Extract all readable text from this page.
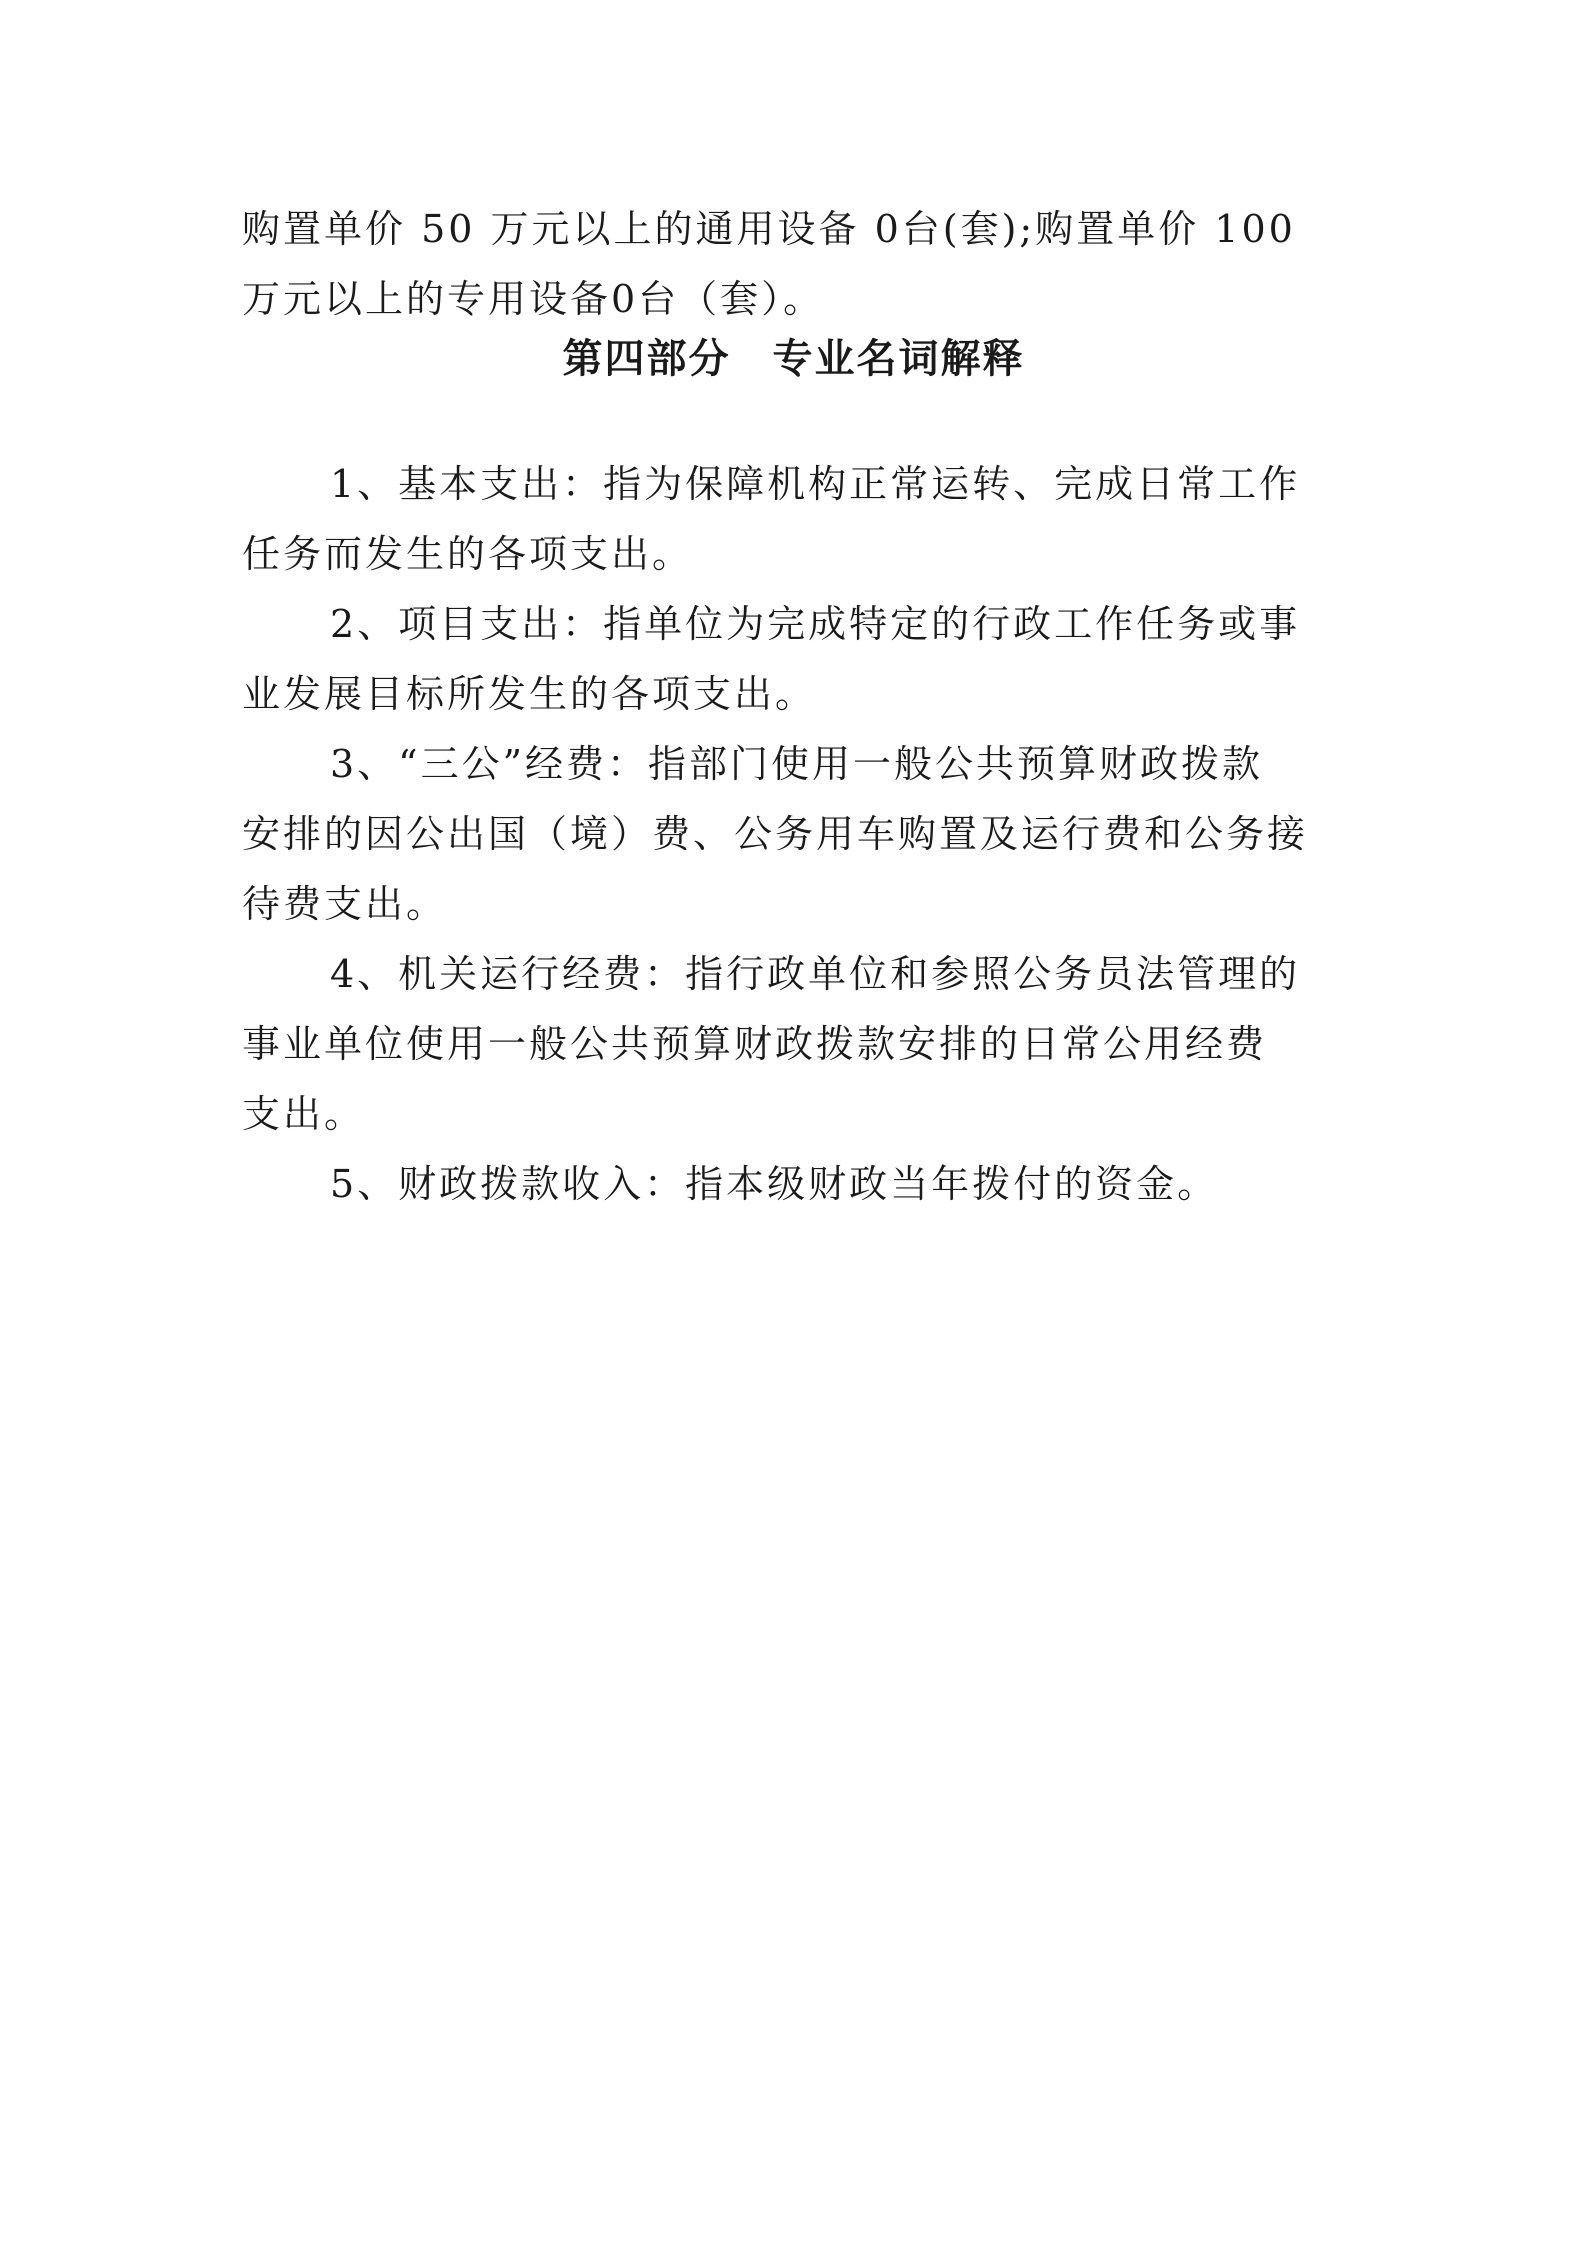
购置单价 50 万元以上的通用设备 0台(套);购置单价 100
万元以上的专用设备0台（套）。
第四部分　专业名词解释
1、基本支出：指为保障机构正常运转、完成日常工作
任务而发生的各项支出。
2、项目支出：指单位为完成特定的行政工作任务或事
业发展目标所发生的各项支出。
3、“三公”经费：指部门使用一般公共预算财政拨款
安排的因公出国（境）费、公务用车购置及运行费和公务接
待费支出。
4、机关运行经费：指行政单位和参照公务员法管理的
事业单位使用一般公共预算财政拨款安排的日常公用经费
支出。
5、财政拨款收入：指本级财政当年拨付的资金。
